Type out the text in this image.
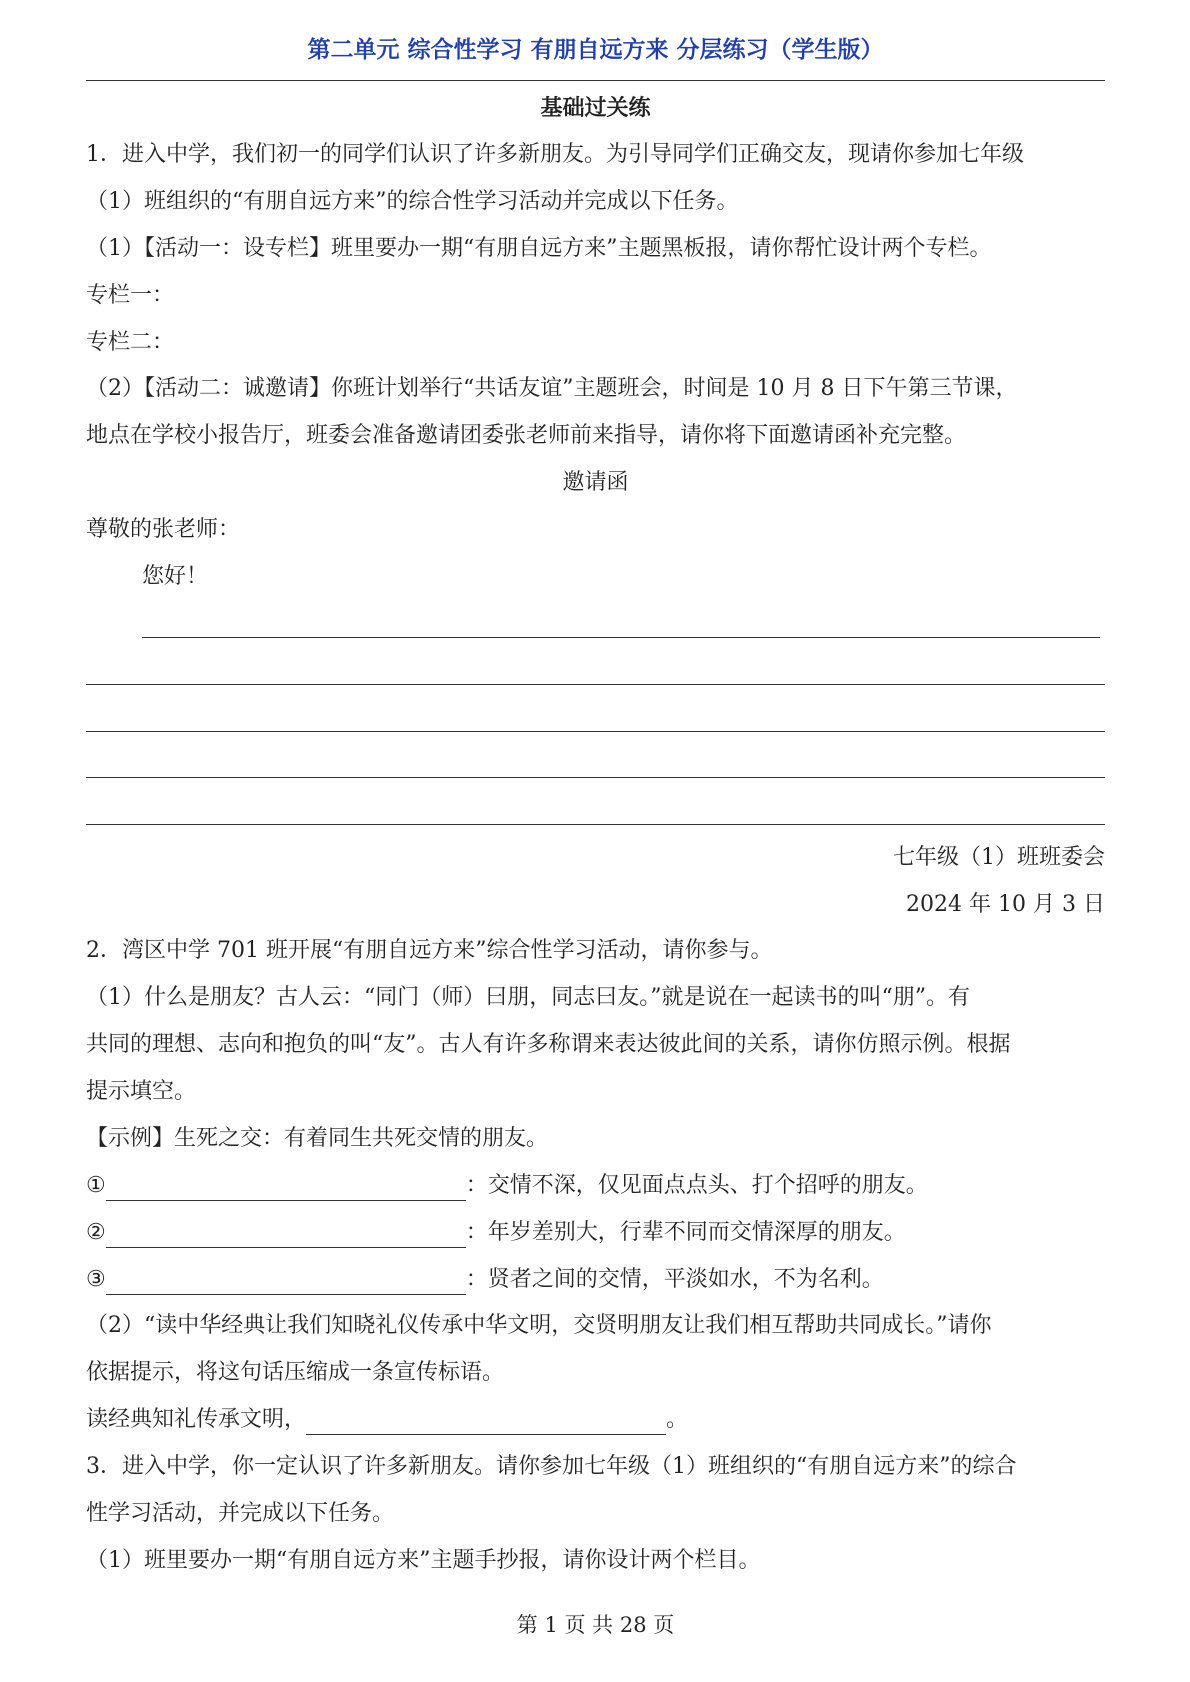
第二单元 综合性学习 有朋自远方来 分层练习（学生版）
基础过关练
1．进入中学，我们初一的同学们认识了许多新朋友。为引导同学们正确交友，现请你参加七年级
（1）班组织的“有朋自远方来”的综合性学习活动并完成以下任务。
（1）【活动一：设专栏】班里要办一期“有朋自远方来”主题黑板报，请你帮忙设计两个专栏。
专栏一：
专栏二：
（2）【活动二：诚邀请】你班计划举行“共话友谊”主题班会，时间是 10 月 8 日下午第三节课，
地点在学校小报告厅，班委会准备邀请团委张老师前来指导，请你将下面邀请函补充完整。
邀请函
尊敬的张老师：
您好！
七年级（1）班班委会
2024 年 10 月 3 日
2．湾区中学 701 班开展“有朋自远方来”综合性学习活动，请你参与。
（1）什么是朋友？古人云：“同门（师）曰朋，同志曰友。”就是说在一起读书的叫“朋”。有
共同的理想、志向和抱负的叫“友”。古人有许多称谓来表达彼此间的关系，请你仿照示例。根据
提示填空。
【示例】生死之交：有着同生共死交情的朋友。
①	：交情不深，仅见面点点头、打个招呼的朋友。
②	：年岁差别大，行辈不同而交情深厚的朋友。
③	：贤者之间的交情，平淡如水，不为名利。
（2）“读中华经典让我们知晓礼仪传承中华文明，交贤明朋友让我们相互帮助共同成长。”请你
依据提示，将这句话压缩成一条宣传标语。
读经典知礼传承文明，	。
3．进入中学，你一定认识了许多新朋友。请你参加七年级（1）班组织的“有朋自远方来”的综合
性学习活动，并完成以下任务。
（1）班里要办一期“有朋自远方来”主题手抄报，请你设计两个栏目。
第 1 页 共 28 页
